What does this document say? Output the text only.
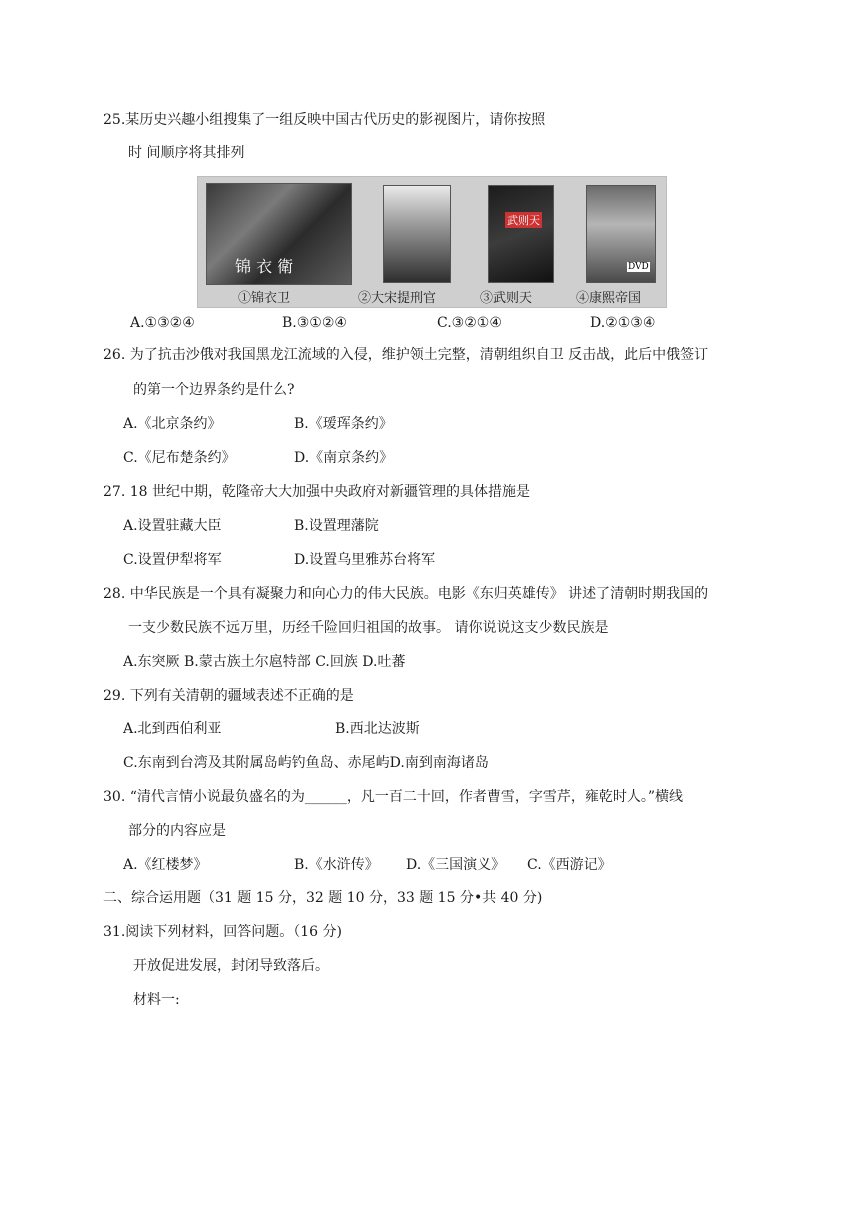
25.某历史兴趣小组搜集了一组反映中国古代历史的影视图片，请你按照
时 间顺序将其排列
锦 衣 衛
武则天
DVD
①锦衣卫	②大宋提刑官	③武则天	④康熙帝国
A.①③②④	B.③①②④	C.③②①④	D.②①③④
26. 为了抗击沙俄对我国黑龙江流域的入侵，维护领土完整，清朝组织自卫 反击战，此后中俄签订
的第一个边界条约是什么?
A.《北京条约》	B.《瑷珲条约》
C.《尼布楚条约》	D.《南京条约》
27. 18 世纪中期，乾隆帝大大加强中央政府对新疆管理的具体措施是
A.设置驻藏大臣	B.设置理藩院
C.设置伊犁将军	D.设置乌里雅苏台将军
28. 中华民族是一个具有凝聚力和向心力的伟大民族。电影《东归英雄传》 讲述了清朝时期我国的
一支少数民族不远万里，历经千险回归祖国的故事。 请你说说这支少数民族是
A.东突厥 B.蒙古族土尔扈特部 C.回族 D.吐蕃
29. 下列有关清朝的疆域表述不正确的是
A.北到西伯利亚	B.西北达波斯
C.东南到台湾及其附属岛屿钓鱼岛、赤尾屿D.南到南海诸岛
30. “清代言情小说最负盛名的为______，凡一百二十回，作者曹雪，字雪芹，雍乾时人。”横线
部分的内容应是
A.《红楼梦》	B.《水浒传》 D.《三国演义》 C.《西游记》
二、综合运用题（31 题 15 分，32 题 10 分，33 题 15 分•共 40 分)
31.阅读下列材料，回答问题。（16 分)
开放促进发展，封闭导致落后。
材料一:
